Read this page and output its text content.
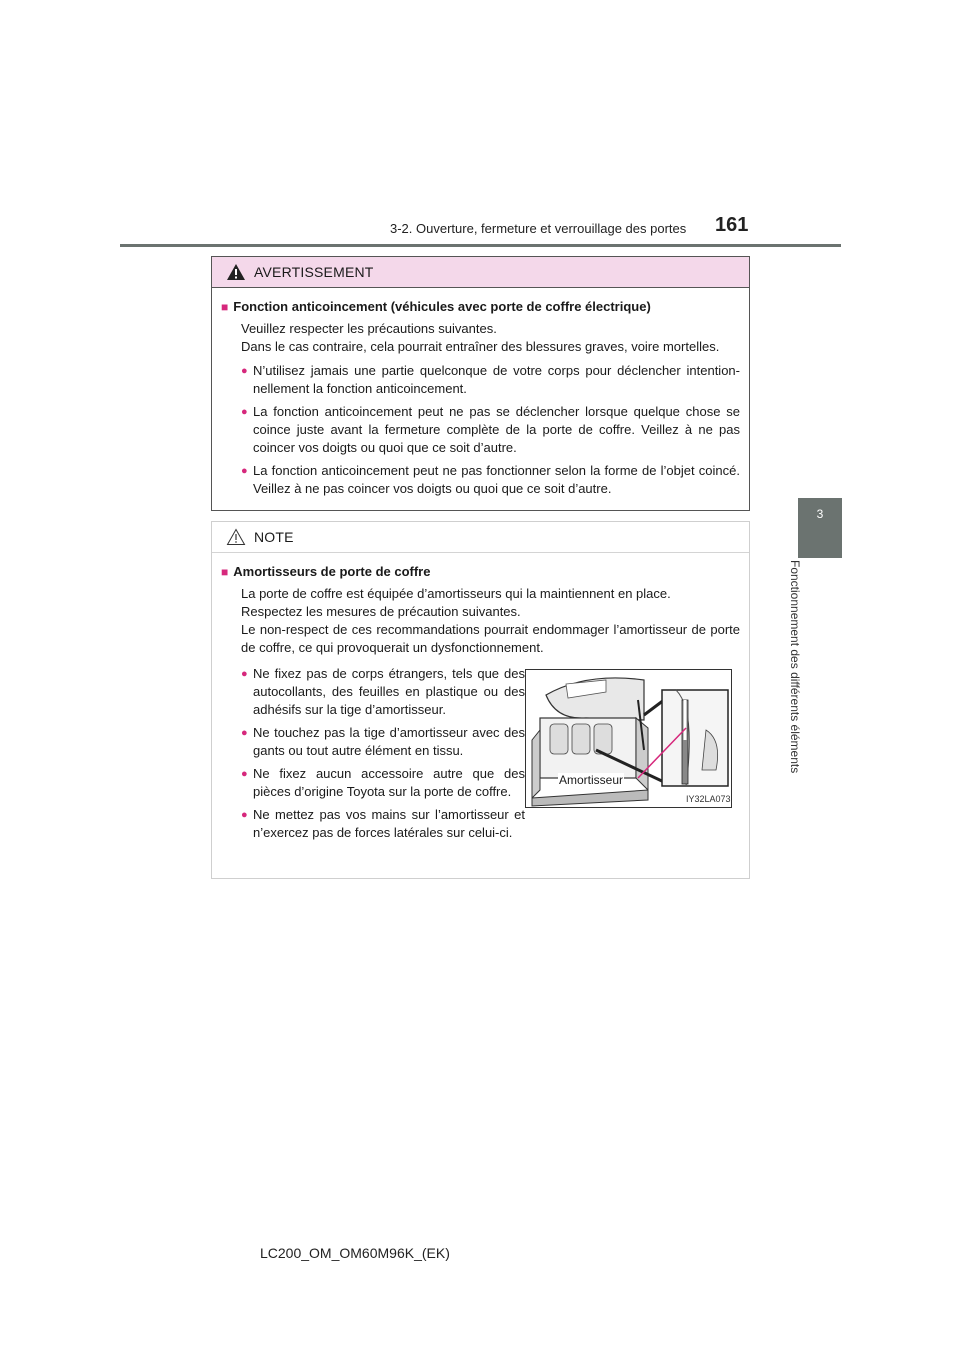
3-2. Ouverture, fermeture et verrouillage des portes 161
3
Fonctionnement des différents éléments
AVERTISSEMENT
■ Fonction anticoincement (véhicules avec porte de coffre électrique)
Veuillez respecter les précautions suivantes.
Dans le cas contraire, cela pourrait entraîner des blessures graves, voire mortelles.
● N’utilisez jamais une partie quelconque de votre corps pour déclencher intention-nellement la fonction anticoincement.
● La fonction anticoincement peut ne pas se déclencher lorsque quelque chose se coince juste avant la fermeture complète de la porte de coffre. Veillez à ne pas coincer vos doigts ou quoi que ce soit d’autre.
● La fonction anticoincement peut ne pas fonctionner selon la forme de l’objet coincé. Veillez à ne pas coincer vos doigts ou quoi que ce soit d’autre.
NOTE
■ Amortisseurs de porte de coffre
La porte de coffre est équipée d’amortisseurs qui la maintiennent en place.
Respectez les mesures de précaution suivantes.
Le non-respect de ces recommandations pourrait endommager l’amortisseur de porte de coffre, ce qui provoquerait un dysfonctionnement.
● Ne fixez pas de corps étrangers, tels que des autocollants, des feuilles en plastique ou des adhésifs sur la tige d’amortisseur.
● Ne touchez pas la tige d’amortisseur avec des gants ou tout autre élément en tissu.
● Ne fixez aucun accessoire autre que des pièces d’origine Toyota sur la porte de coffre.
● Ne mettez pas vos mains sur l’amortisseur et n’exercez pas de forces latérales sur celui-ci.
Amortisseur
IY32LA073
LC200_OM_OM60M96K_(EK)
